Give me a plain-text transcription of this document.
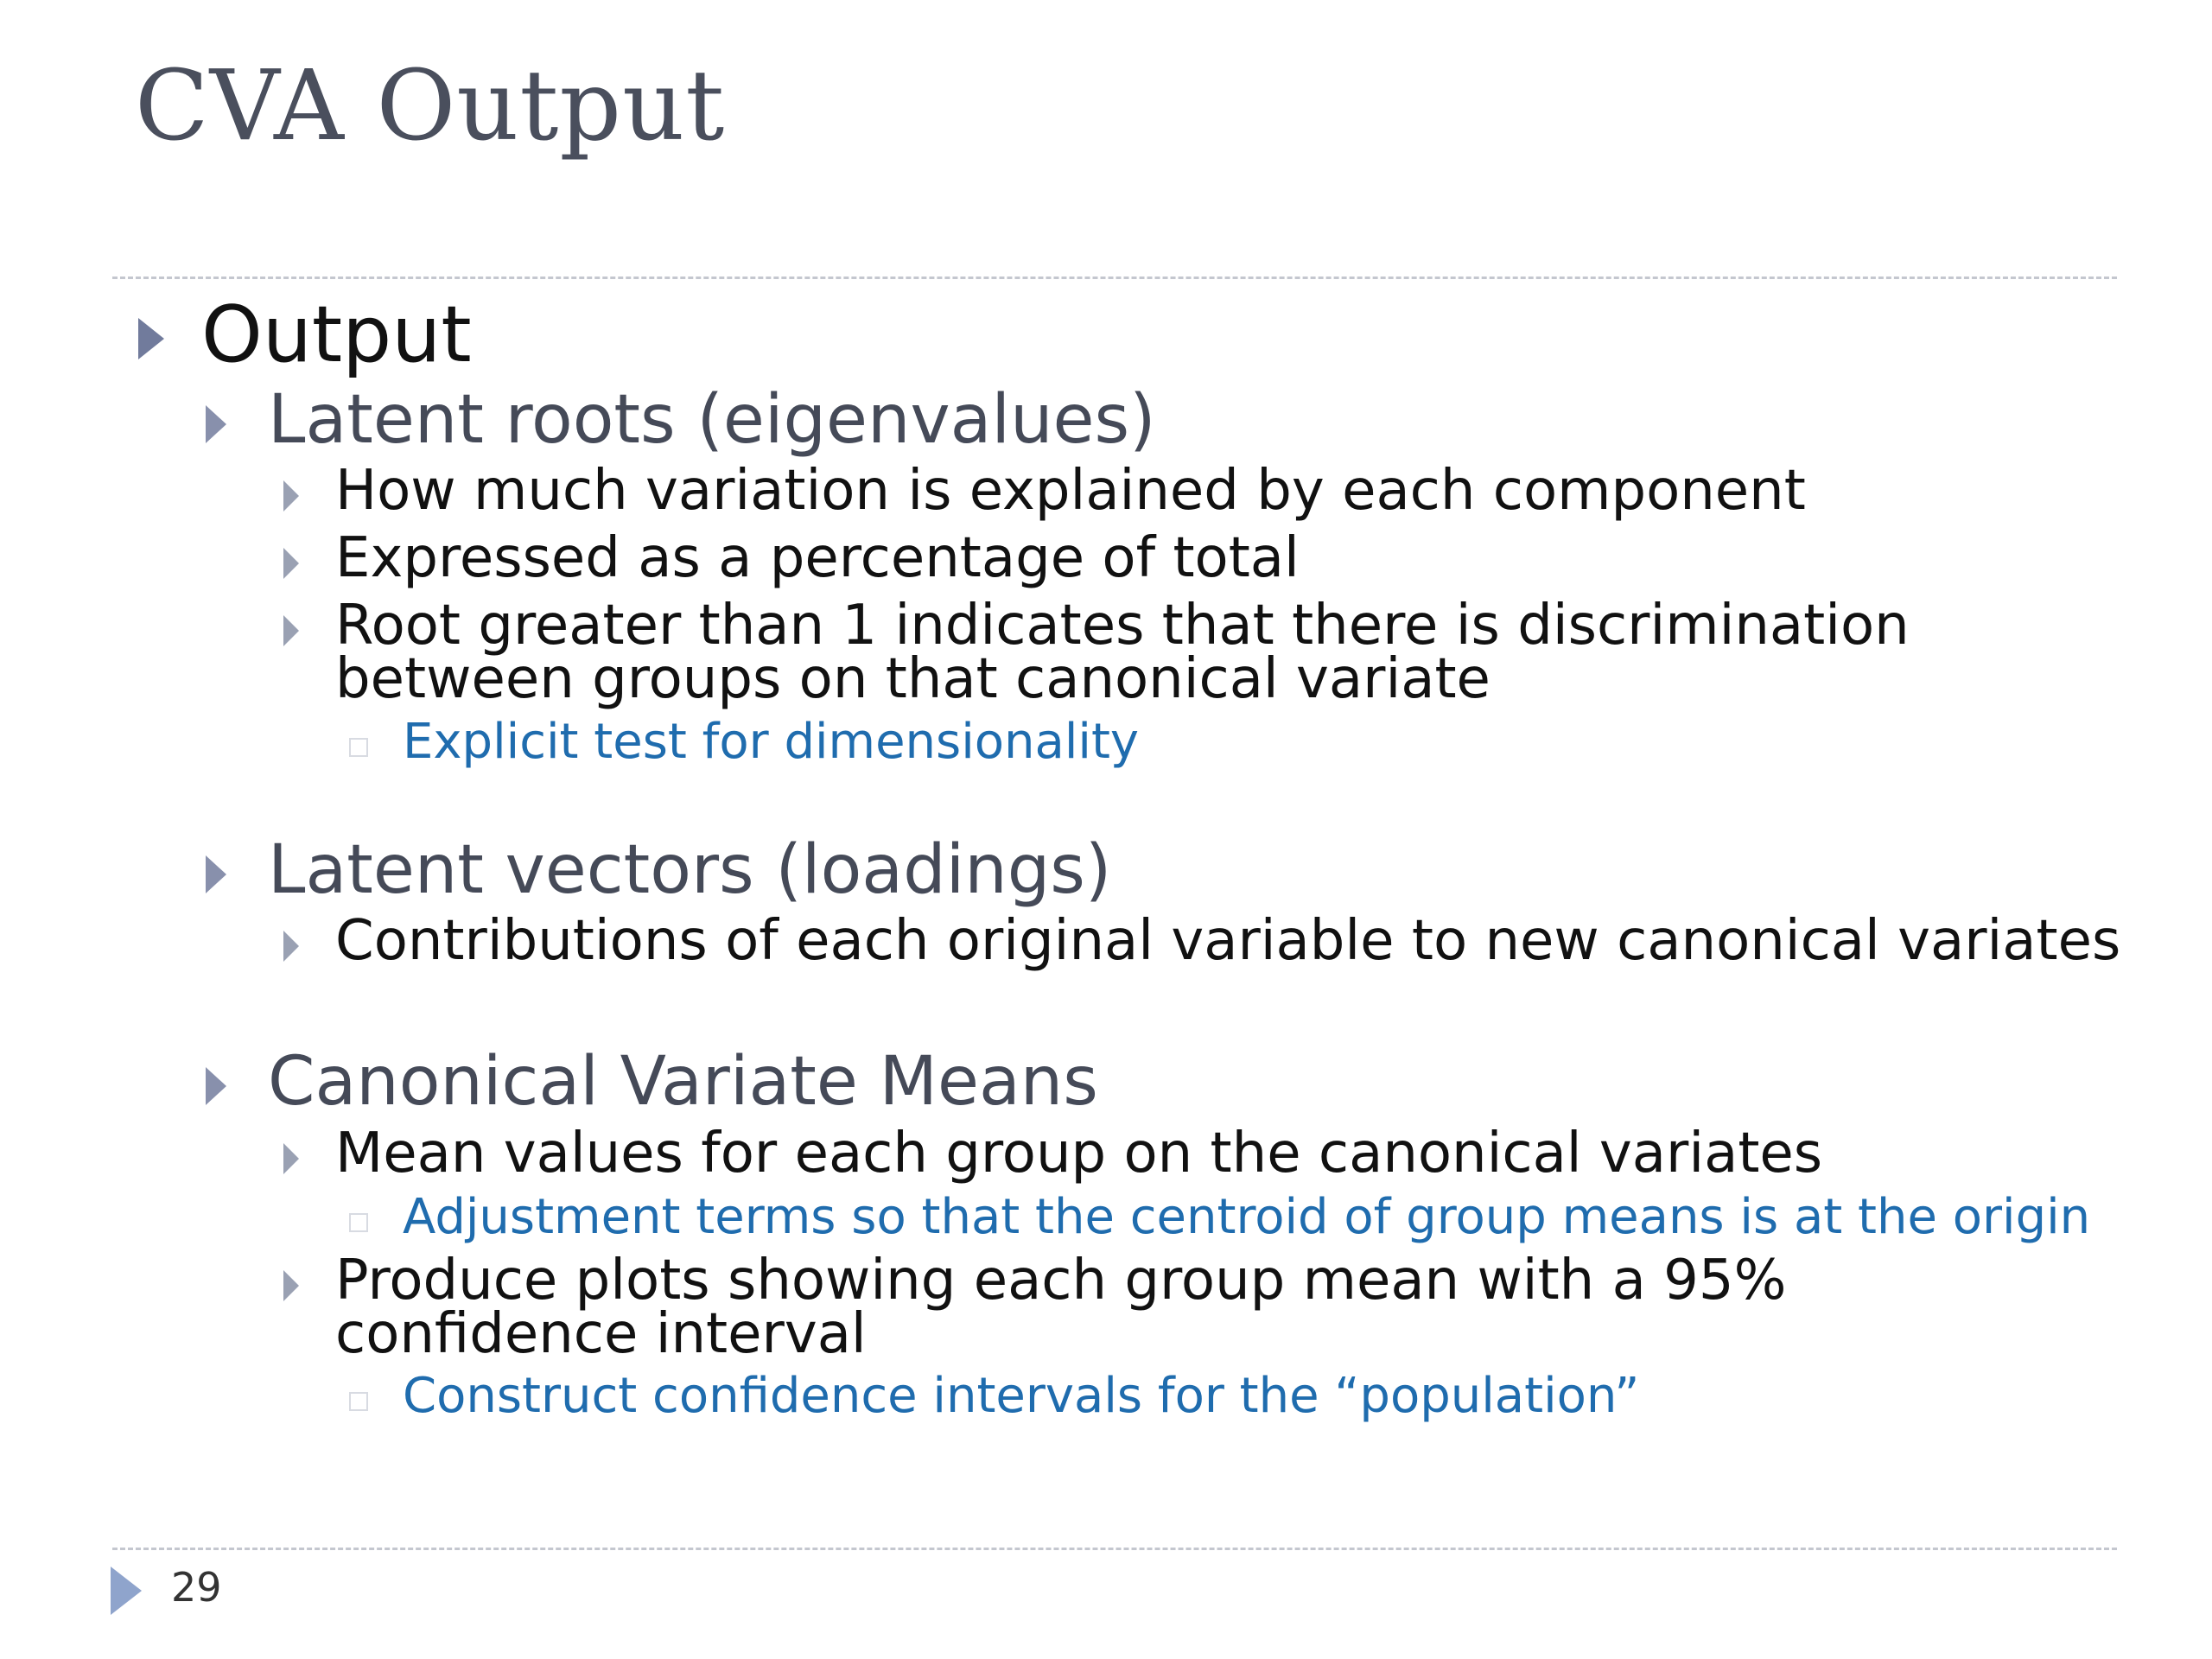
CVA Output
Output
Latent roots (eigenvalues)
How much variation is explained by each component
Expressed as a percentage of total
Root greater than 1 indicates that there is discrimination between groups on that canonical variate
Explicit test for dimensionality
Latent vectors (loadings)
Contributions of each original variable to new canonical variates
Canonical Variate Means
Mean values for each group on the canonical variates
Adjustment terms so that the centroid of group means is at the origin
Produce plots showing each group mean with a 95% confidence interval
Construct confidence intervals for the “population”
29
